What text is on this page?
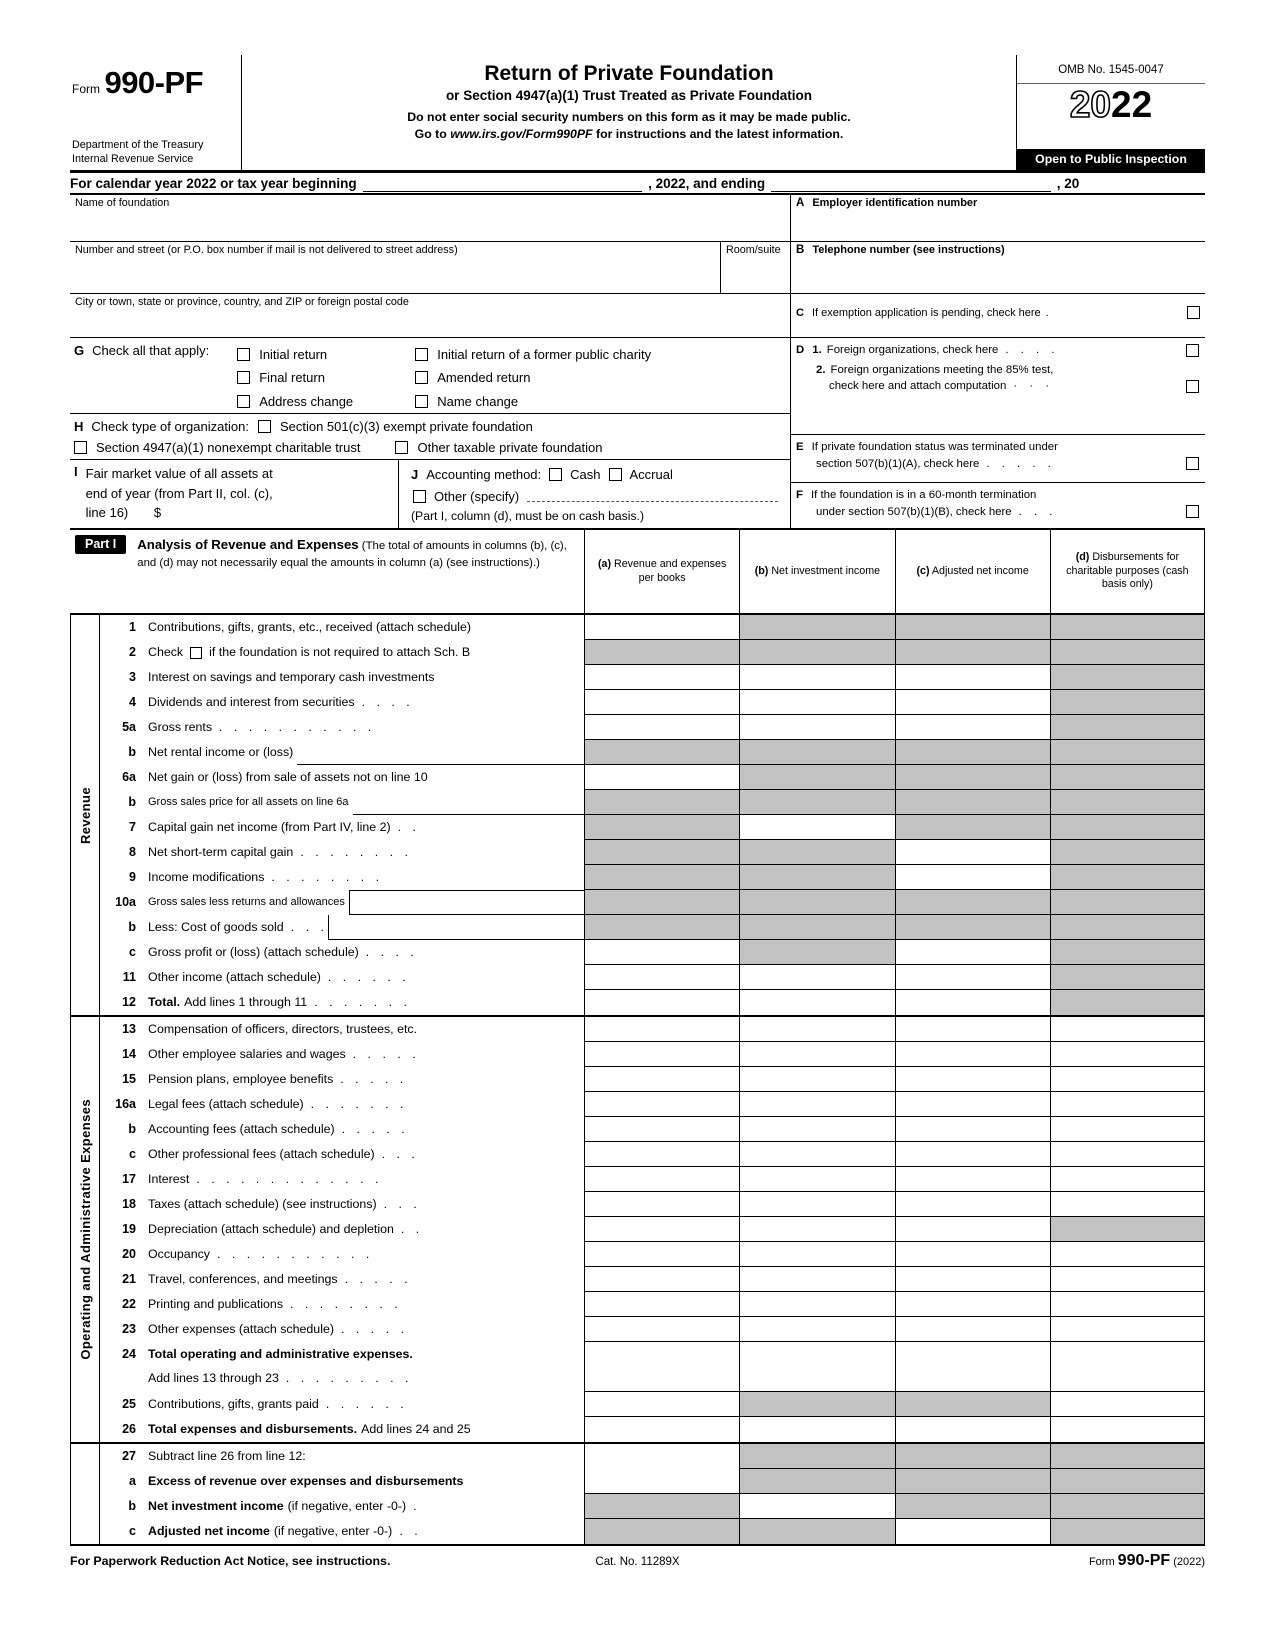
Form 990-PF
Department of the Treasury
Internal Revenue Service
Return of Private Foundation
or Section 4947(a)(1) Trust Treated as Private Foundation
Do not enter social security numbers on this form as it may be made public.
Go to www.irs.gov/Form990PF for instructions and the latest information.
OMB No. 1545-0047
2022
Open to Public Inspection
For calendar year 2022 or tax year beginning	, 2022, and ending	, 20
Name of foundation	A Employer identification number
Number and street (or P.O. box number if mail is not delivered to street address)	Room/suite	B Telephone number (see instructions)
City or town, state or province, country, and ZIP or foreign postal code
C If exemption application is pending, check here .
G Check all that apply:	Initial return
Final return
Address change
Initial return of a former public charity
Amended return
Name change
H Check type of organization: Section 501(c)(3) exempt private foundation
Section 4947(a)(1) nonexempt charitable trust	Other taxable private foundation
I Fair market value of all assets at
end of year (from Part II, col. (c),
line 16) $
J Accounting method: Cash Accrual
Other (specify)
(Part I, column (d), must be on cash basis.)
D 1. Foreign organizations, check here . . . .
2. Foreign organizations meeting the 85% test,
check here and attach computation · · ·
E If private foundation status was terminated under
section 507(b)(1)(A), check here . . . . .
F If the foundation is in a 60-month termination
under section 507(b)(1)(B), check here . . .
Part I	Analysis of Revenue and Expenses (The total of amounts in columns (b), (c), and (d) may not necessarily equal the amounts in column (a) (see instructions).)	(a) Revenue and expenses per books
(b) Net investment income	(c) Adjusted net income
(d) Disbursements for charitable purposes (cash basis only)
Revenue
1 Contributions, gifts, grants, etc., received (attach schedule)
2 Check if the foundation is not required to attach Sch. B
3 Interest on savings and temporary cash investments
4 Dividends and interest from securities . . . .
5a Gross rents . . . . . . . . . . .
b Net rental income or (loss)
6a Net gain or (loss) from sale of assets not on line 10
b	Gross sales price for all assets on line 6a
7 Capital gain net income (from Part IV, line 2) . .
8 Net short-term capital gain . . . . . . . .
9 Income modifications . . . . . . . .
10a	Gross sales less returns and allowances
b Less: Cost of goods sold . . .
c Gross profit or (loss) (attach schedule) . . . .
11 Other income (attach schedule) . . . . . .
12 Total. Add lines 1 through 11 . . . . . . .
Operating and Administrative Expenses
13 Compensation of officers, directors, trustees, etc.
14 Other employee salaries and wages . . . . .
15 Pension plans, employee benefits . . . . .
16a Legal fees (attach schedule) . . . . . . .
b Accounting fees (attach schedule) . . . . .
c Other professional fees (attach schedule) . . .
17 Interest . . . . . . . . . . . . .
18 Taxes (attach schedule) (see instructions) . . .
19 Depreciation (attach schedule) and depletion . .
20 Occupancy . . . . . . . . . . .
21 Travel, conferences, and meetings . . . . .
22 Printing and publications . . . . . . . .
23 Other expenses (attach schedule) . . . . .
24 Total operating and administrative expenses.
Add lines 13 through 23 . . . . . . . . .
25 Contributions, gifts, grants paid . . . . . .
26 Total expenses and disbursements. Add lines 24 and 25
27 Subtract line 26 from line 12:
a Excess of revenue over expenses and disbursements
b Net investment income (if negative, enter -0-) .
c Adjusted net income (if negative, enter -0-) . .
For Paperwork Reduction Act Notice, see instructions.	Cat. No. 11289X	Form 990-PF (2022)
